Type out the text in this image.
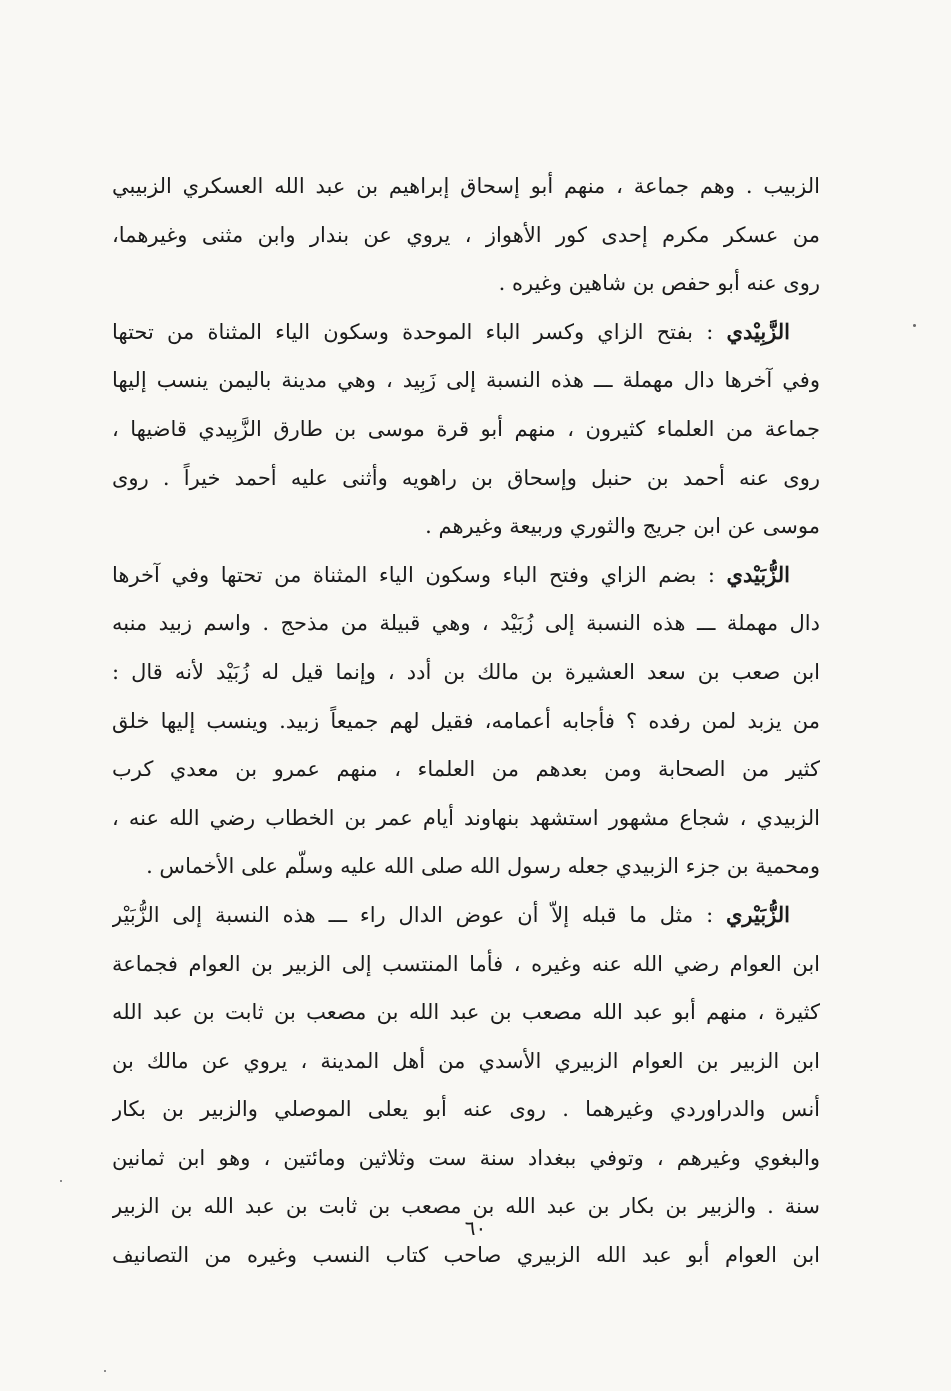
الزبيب . وهم جماعة ، منهم أبو إسحاق إبراهيم بن عبد الله العسكري الزبيبي
من عسكر مكرم إحدى كور الأهواز ، يروي عن بندار وابن مثنى وغيرهما،
روى عنه أبو حفص بن شاهين وغيره .
الزَّبِيْدي : بفتح الزاي وكسر الباء الموحدة وسكون الياء المثناة من تحتها
وفي آخرها دال مهملة ـــ هذه النسبة إلى زَبِيد ، وهي مدينة باليمن ينسب إليها
جماعة من العلماء كثيرون ، منهم أبو قرة موسى بن طارق الزَّبِيدي قاضيها ،
روى عنه أحمد بن حنبل وإسحاق بن راهويه وأثنى عليه أحمد خيراً . روى
موسى عن ابن جريج والثوري وربيعة وغيرهم .
الزُّبَيْدي : بضم الزاي وفتح الباء وسكون الياء المثناة من تحتها وفي آخرها
دال مهملة ـــ هذه النسبة إلى زُبَيْد ، وهي قبيلة من مذحج . واسم زبيد منبه
ابن صعب بن سعد العشيرة بن مالك بن أدد ، وإنما قيل له زُبَيْد لأنه قال :
من يزبد لمن رفده ؟ فأجابه أعمامه، فقيل لهم جميعاً زبيد. وينسب إليها خلق
كثير من الصحابة ومن بعدهم من العلماء ، منهم عمرو بن معدي كرب
الزبيدي ، شجاع مشهور استشهد بنهاوند أيام عمر بن الخطاب رضي الله عنه ،
ومحمية بن جزء الزبيدي جعله رسول الله صلى الله عليه وسلّم على الأخماس .
الزُّبَيْري : مثل ما قبله إلاّ أن عوض الدال راء ـــ هذه النسبة إلى الزُّبَيْر
ابن العوام رضي الله عنه وغيره ، فأما المنتسب إلى الزبير بن العوام فجماعة
كثيرة ، منهم أبو عبد الله مصعب بن عبد الله بن مصعب بن ثابت بن عبد الله
ابن الزبير بن العوام الزبيري الأسدي من أهل المدينة ، يروي عن مالك بن
أنس والدراوردي وغيرهما . روى عنه أبو يعلى الموصلي والزبير بن بكار
والبغوي وغيرهم ، وتوفي ببغداد سنة ست وثلاثين ومائتين ، وهو ابن ثمانين
سنة . والزبير بن بكار بن عبد الله بن مصعب بن ثابت بن عبد الله بن الزبير
ابن العوام أبو عبد الله الزبيري صاحب كتاب النسب وغيره من التصانيف
٦٠
